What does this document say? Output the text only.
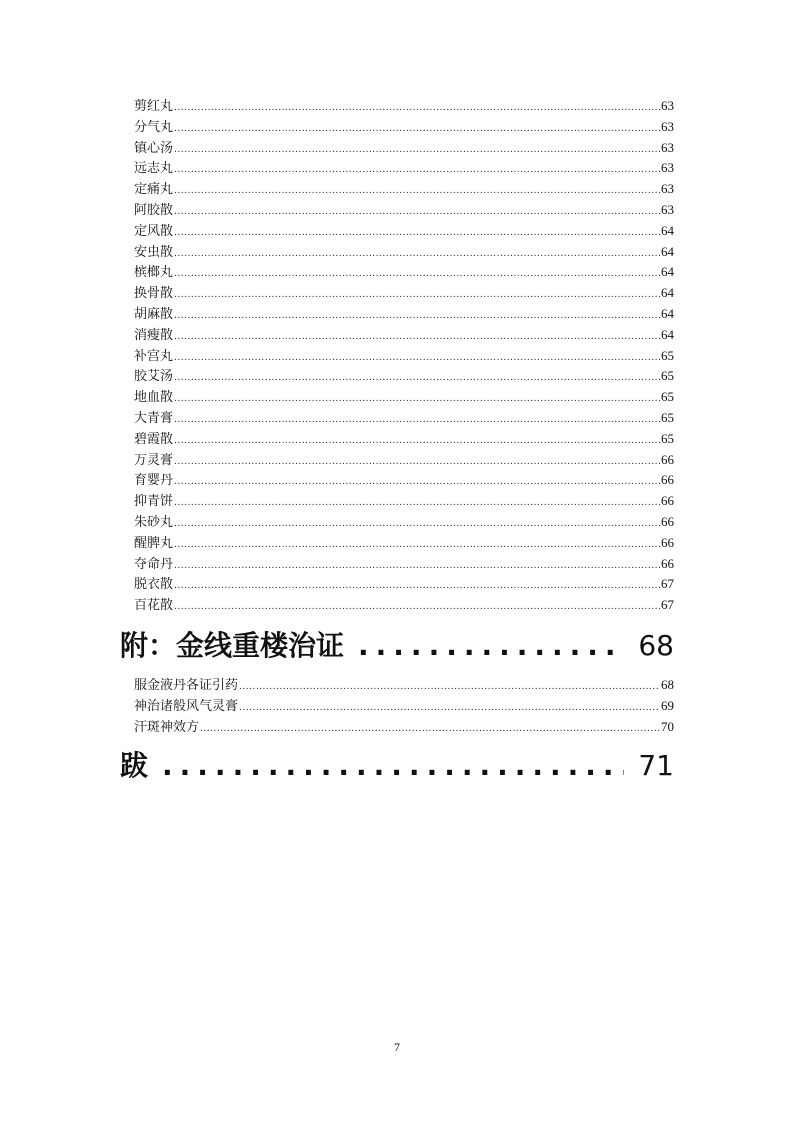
剪红丸 .....	63
分气丸 .....	63
镇心汤 .....	63
远志丸 .....	63
定痛丸 .....	63
阿胶散 .....	63
定风散 .....	64
安虫散 .....	64
槟榔丸 .....	64
换骨散 .....	64
胡麻散 .....	64
消瘦散 .....	64
补宫丸 .....	65
胶艾汤 .....	65
地血散 .....	65
大青膏 .....	65
碧霞散 .....	65
万灵膏 .....	66
育婴丹 .....	66
抑青饼 .....	66
朱砂丸 .....	66
醒脾丸 .....	66
夺命丹 .....	66
脱衣散 .....	67
百花散 .....	67
附：金线重楼治证 .....	68
服金液丹各证引药 .....	68
神治诸般风气灵膏 .....	69
汗斑神效方 .....	70
跋 .....	71
7
